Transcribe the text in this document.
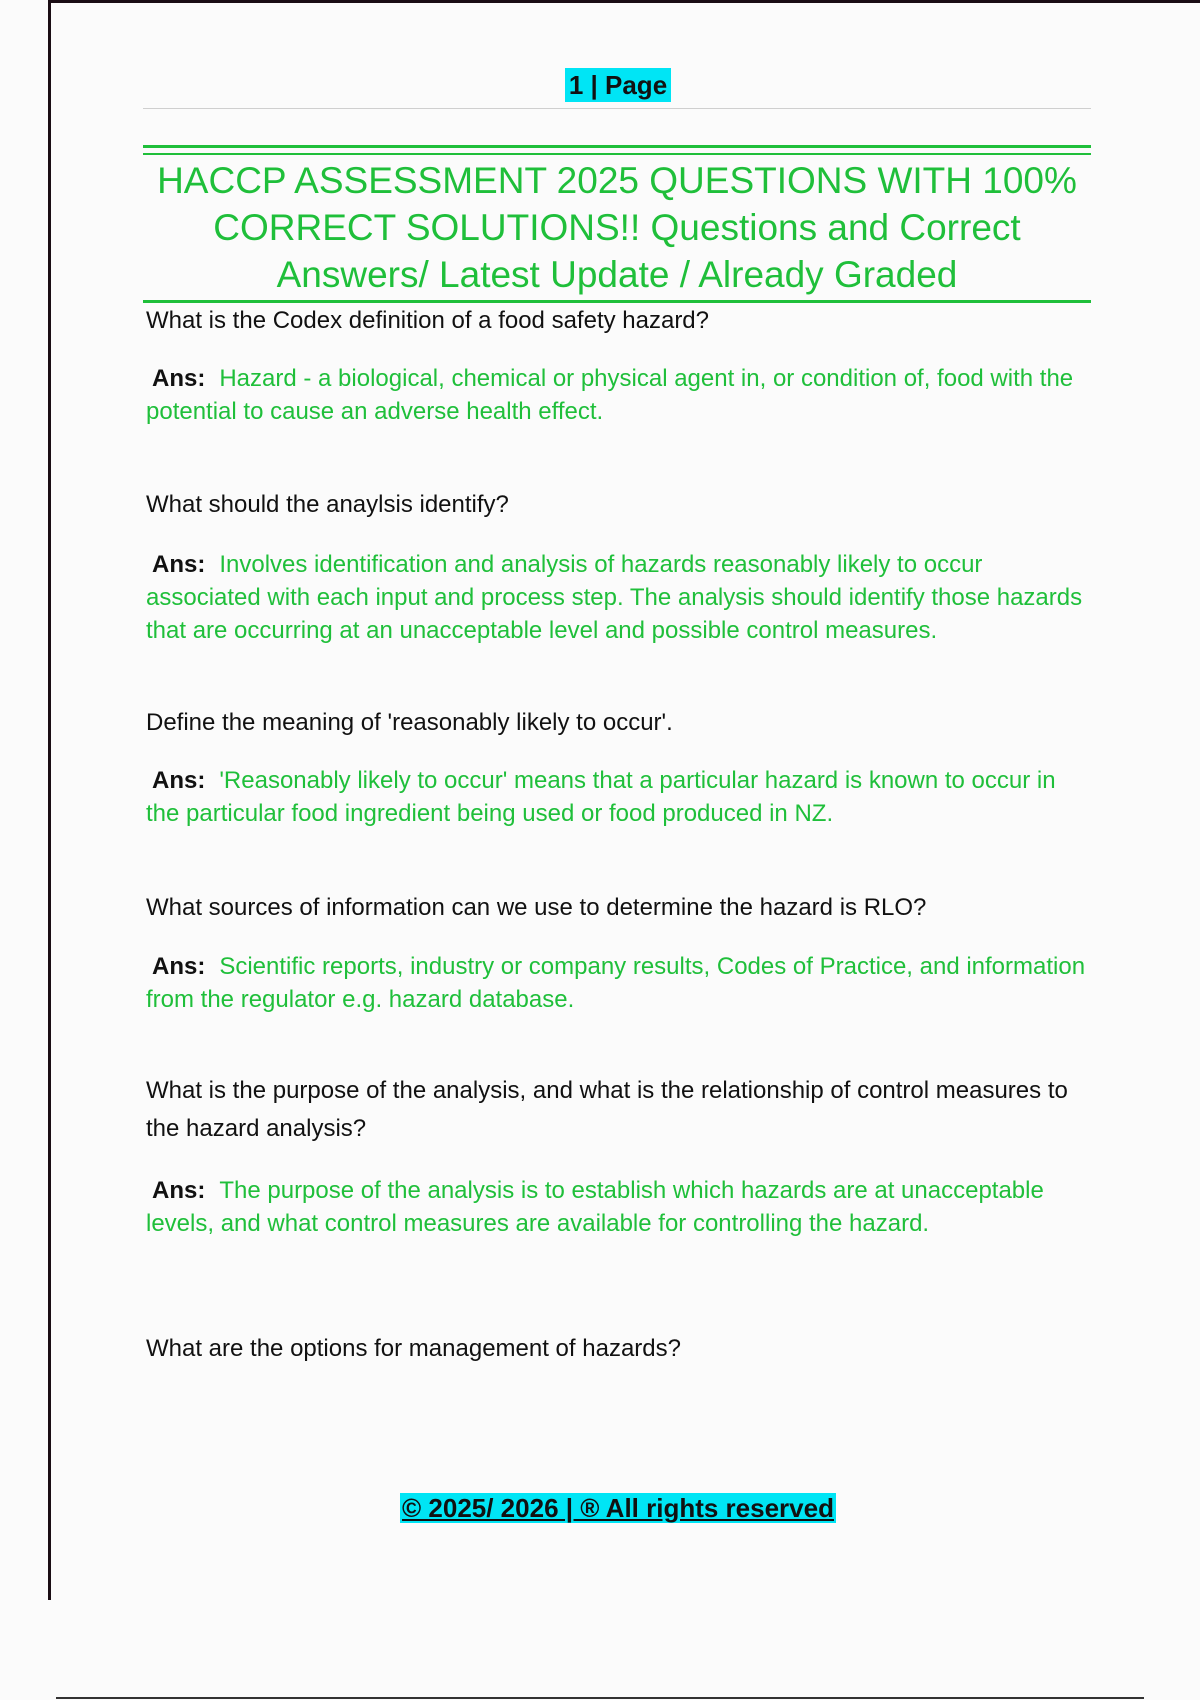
1 | Page
HACCP ASSESSMENT 2025 QUESTIONS WITH 100%
CORRECT SOLUTIONS!! Questions and Correct
Answers/ Latest Update / Already Graded
What is the Codex definition of a food safety hazard?
Ans: Hazard - a biological, chemical or physical agent in, or condition of, food with the potential to cause an adverse health effect.
What should the anaylsis identify?
Ans: Involves identification and analysis of hazards reasonably likely to occur associated with each input and process step. The analysis should identify those hazards that are occurring at an unacceptable level and possible control measures.
Define the meaning of 'reasonably likely to occur'.
Ans: 'Reasonably likely to occur' means that a particular hazard is known to occur in the particular food ingredient being used or food produced in NZ.
What sources of information can we use to determine the hazard is RLO?
Ans: Scientific reports, industry or company results, Codes of Practice, and information from the regulator e.g. hazard database.
What is the purpose of the analysis, and what is the relationship of control measures to the hazard analysis?
Ans: The purpose of the analysis is to establish which hazards are at unacceptable levels, and what control measures are available for controlling the hazard.
What are the options for management of hazards?
© 2025/ 2026 | ® All rights reserved
